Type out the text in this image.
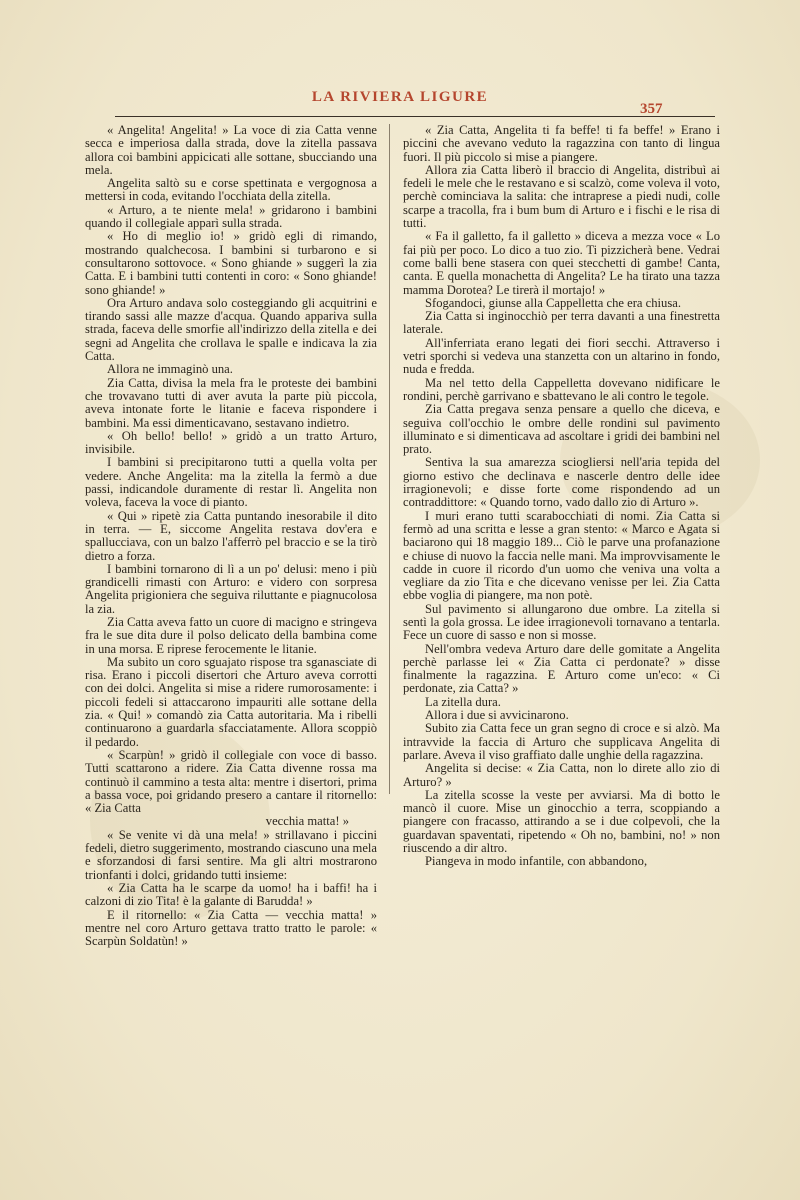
LA RIVIERA LIGURE
357

« Angelita! Angelita! » La voce di zia Catta venne secca e imperiosa dalla strada, dove la zitella passava allora coi bambini appicicati alle sottane, sbucciando una mela.

Angelita saltò su e corse spettinata e vergognosa a mettersi in coda, evitando l'occhiata della zitella.

« Arturo, a te niente mela! » gridarono i bambini quando il collegiale apparì sulla strada.

« Ho di meglio io! » gridò egli di rimando, mostrando qualchecosa. I bambini si turbarono e si consultarono sottovoce. « Sono ghiande » suggerì la zia Catta. E i bambini tutti contenti in coro: « Sono ghiande! sono ghiande! »

Ora Arturo andava solo costeggiando gli acquitrini e tirando sassi alle mazze d'acqua. Quando appariva sulla strada, faceva delle smorfie all'indirizzo della zitella e dei segni ad Angelita che crollava le spalle e indicava la zia Catta.

Allora ne immaginò una.

Zia Catta, divisa la mela fra le proteste dei bambini che trovavano tutti di aver avuta la parte più piccola, aveva intonate forte le litanie e faceva rispondere i bambini. Ma essi dimenticavano, sestavano indietro.

« Oh bello! bello! » gridò a un tratto Arturo, invisibile.

I bambini si precipitarono tutti a quella volta per vedere. Anche Angelita: ma la zitella la fermò a due passi, indicandole duramente di restar lì. Angelita non voleva, faceva la voce di pianto.

« Qui » ripetè zia Catta puntando inesorabile il dito in terra. — E, siccome Angelita restava dov'era e spallucciava, con un balzo l'afferrò pel braccio e se la tirò dietro a forza.

I bambini tornarono di lì a un po' delusi: meno i più grandicelli rimasti con Arturo: e videro con sorpresa Angelita prigioniera che seguiva riluttante e piagnucolosa la zia.

Zia Catta aveva fatto un cuore di macigno e stringeva fra le sue dita dure il polso delicato della bambina come in una morsa. E riprese ferocemente le litanie.

Ma subito un coro sguajato rispose tra sganasciate di risa. Erano i piccoli disertori che Arturo aveva corrotti con dei dolci. Angelita si mise a ridere rumorosamente: i piccoli fedeli si attaccarono impauriti alle sottane della zia. « Qui! » comandò zia Catta autoritaria. Ma i ribelli continuarono a guardarla sfacciatamente. Allora scoppiò il pedardo.

« Scarpùn! » gridò il collegiale con voce di basso. Tutti scattarono a ridere. Zia Catta divenne rossa ma continuò il cammino a testa alta: mentre i disertori, prima a bassa voce, poi gridando presero a cantare il ritornello: « Zia Catta

vecchia matta! »

« Se venite vi dà una mela! » strillavano i piccini fedeli, dietro suggerimento, mostrando ciascuno una mela e sforzandosi di farsi sentire. Ma gli altri mostrarono trionfanti i dolci, gridando tutti insieme:

« Zia Catta ha le scarpe da uomo! ha i baffi! ha i calzoni di zio Tita! è la galante di Barudda! »

E il ritornello: « Zia Catta — vecchia matta! » mentre nel coro Arturo gettava tratto tratto le parole: « Scarpùn Soldatùn! »

« Zia Catta, Angelita ti fa beffe! ti fa beffe! » Erano i piccini che avevano veduto la ragazzina con tanto di lingua fuori. Il più piccolo si mise a piangere.

Allora zia Catta liberò il braccio di Angelita, distribuì ai fedeli le mele che le restavano e si scalzò, come voleva il voto, perchè cominciava la salita: che intraprese a piedi nudi, colle scarpe a tracolla, fra i bum bum di Arturo e i fischi e le risa di tutti.

« Fa il galletto, fa il galletto » diceva a mezza voce « Lo fai più per poco. Lo dico a tuo zio. Ti pizzicherà bene. Vedrai come balli bene stasera con quei stecchetti di gambe! Canta, canta. E quella monachetta di Angelita? Le ha tirato una tazza mamma Dorotea? Le tirerà il mortajo! »

Sfogandoci, giunse alla Cappelletta che era chiusa.

Zia Catta si inginocchiò per terra davanti a una finestretta laterale.

All'inferriata erano legati dei fiori secchi. Attraverso i vetri sporchi si vedeva una stanzetta con un altarino in fondo, nuda e fredda.

Ma nel tetto della Cappelletta dovevano nidificare le rondini, perchè garrivano e sbattevano le ali contro le tegole.

Zia Catta pregava senza pensare a quello che diceva, e seguiva coll'occhio le ombre delle rondini sul pavimento illuminato e si dimenticava ad ascoltare i gridi dei bambini nel prato.

Sentiva la sua amarezza sciogliersi nell'aria tepida del giorno estivo che declinava e nascerle dentro delle idee irragionevoli; e disse forte come rispondendo ad un contraddittore: « Quando torno, vado dallo zio di Arturo ».

I muri erano tutti scarabocchiati di nomi. Zia Catta si fermò ad una scritta e lesse a gran stento: « Marco e Agata si baciarono qui 18 maggio 189... Ciò le parve una profanazione e chiuse di nuovo la faccia nelle mani. Ma improvvisamente le cadde in cuore il ricordo d'un uomo che veniva una volta a vegliare da zio Tita e che dicevano venisse per lei. Zia Catta ebbe voglia di piangere, ma non potè.

Sul pavimento si allungarono due ombre. La zitella si sentì la gola grossa. Le idee irragionevoli tornavano a tentarla. Fece un cuore di sasso e non si mosse.

Nell'ombra vedeva Arturo dare delle gomitate a Angelita perchè parlasse lei « Zia Catta ci perdonate? » disse finalmente la ragazzina. E Arturo come un'eco: « Ci perdonate, zia Catta? »

La zitella dura.

Allora i due si avvicinarono.

Subito zia Catta fece un gran segno di croce e si alzò. Ma intravvide la faccia di Arturo che supplicava Angelita di parlare. Aveva il viso graffiato dalle unghie della ragazzina.

Angelita si decise: « Zia Catta, non lo direte allo zio di Arturo? »

La zitella scosse la veste per avviarsi. Ma di botto le mancò il cuore. Mise un ginocchio a terra, scoppiando a piangere con fracasso, attirando a se i due colpevoli, che la guardavan spaventati, ripetendo « Oh no, bambini, no! » non riuscendo a dir altro.

Piangeva in modo infantile, con abbandono,
